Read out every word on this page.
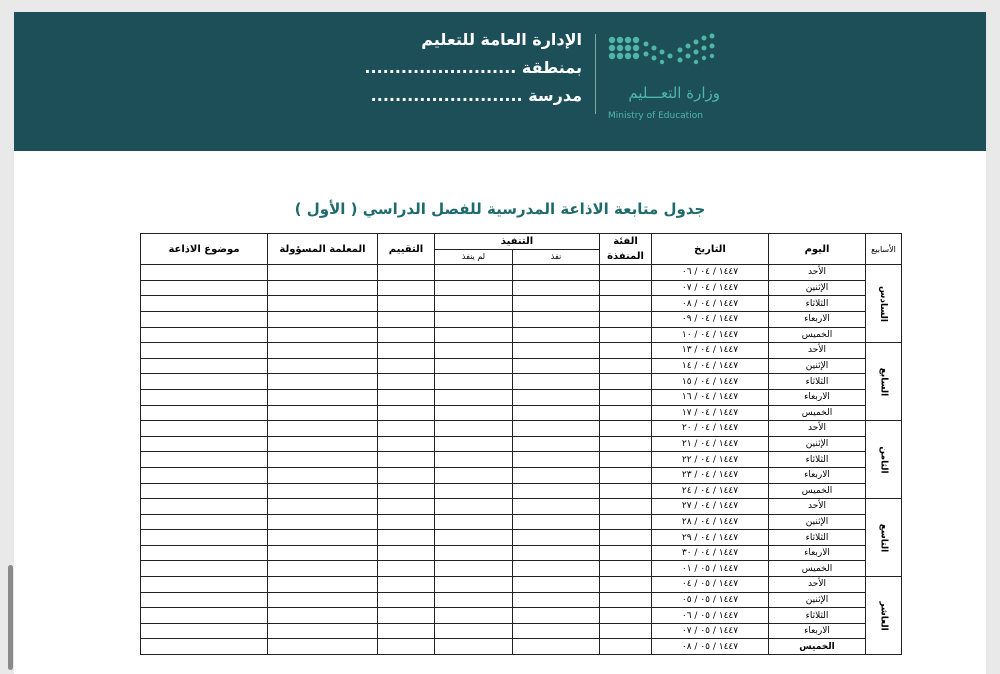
الإدارة العامة للتعليم
بمنطقة .........................
مدرسة .........................	وزارة التعـــليم
Ministry of Education
جدول متابعة الاذاعة المدرسية للفصل الدراسي ( الأول )
الأسابيع	اليوم	التاريخ	الفئة المنفذة	التنفيذ		التقييم	المعلمة المسؤولة	موضوع الاذاعة
				نفذ	لم ينفذ			
السادس	الأحد	١٤٤٧ / ٠٤ / ٠٦						
	الإثنين	١٤٤٧ / ٠٤ / ٠٧						
	الثلاثاء	١٤٤٧ / ٠٤ / ٠٨						
	الاربعاء	١٤٤٧ / ٠٤ / ٠٩						
	الخميس	١٤٤٧ / ٠٤ / ١٠						
السابع	الأحد	١٤٤٧ / ٠٤ / ١٣						
	الإثنين	١٤٤٧ / ٠٤ / ١٤						
	الثلاثاء	١٤٤٧ / ٠٤ / ١٥						
	الاربعاء	١٤٤٧ / ٠٤ / ١٦						
	الخميس	١٤٤٧ / ٠٤ / ١٧						
الثامن	الأحد	١٤٤٧ / ٠٤ / ٢٠						
	الإثنين	١٤٤٧ / ٠٤ / ٢١						
	الثلاثاء	١٤٤٧ / ٠٤ / ٢٢						
	الاربعاء	١٤٤٧ / ٠٤ / ٢٣						
	الخميس	١٤٤٧ / ٠٤ / ٢٤						
التاسع	الأحد	١٤٤٧ / ٠٤ / ٢٧						
	الإثنين	١٤٤٧ / ٠٤ / ٢٨						
	الثلاثاء	١٤٤٧ / ٠٤ / ٢٩						
	الاربعاء	١٤٤٧ / ٠٤ / ٣٠						
	الخميس	١٤٤٧ / ٠٥ / ٠١						
العاشر	الأحد	١٤٤٧ / ٠٥ / ٠٤						
	الإثنين	١٤٤٧ / ٠٥ / ٠٥						
	الثلاثاء	١٤٤٧ / ٠٥ / ٠٦						
	الاربعاء	١٤٤٧ / ٠٥ / ٠٧						
	الخميس	١٤٤٧ / ٠٥ / ٠٨						
